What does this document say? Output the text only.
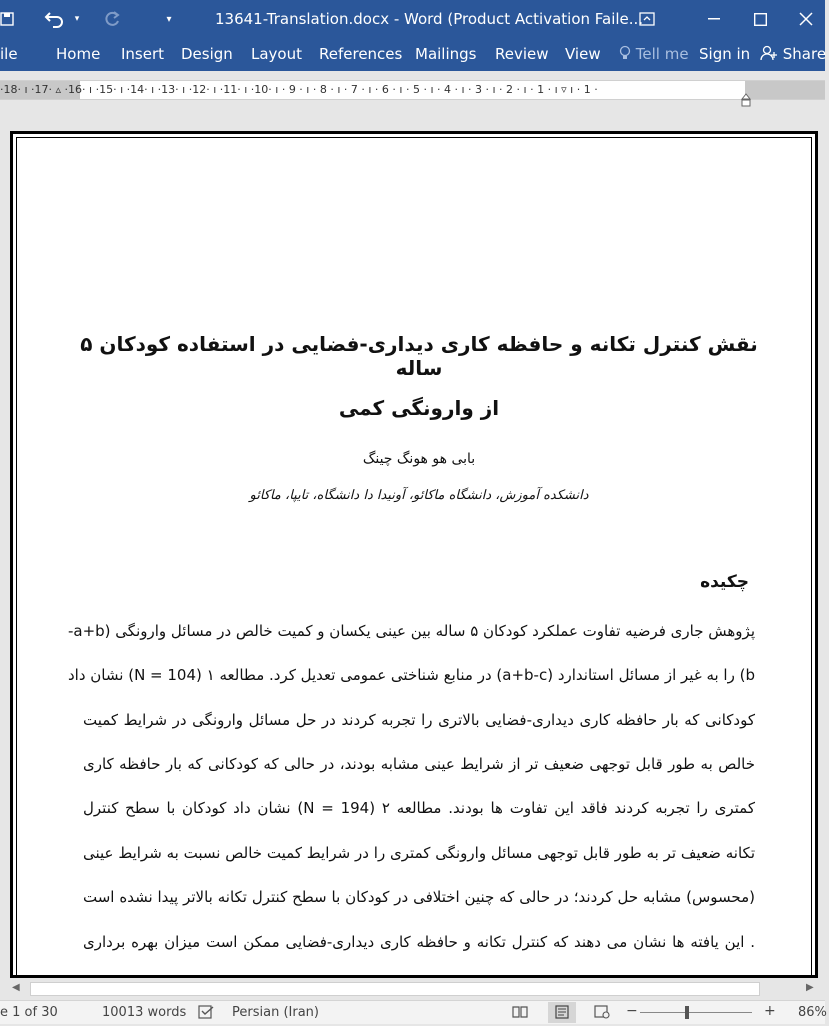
▾	▾	13641-Translation.docx - Word (Product Activation Faile...
ile	Home Insert Design Layout References Mailings Review View	Tell me Sign in	Share
·18· ı ·17· ▵ ·16· ı ·15· ı ·14· ı ·13· ı ·12· ı ·11· ı ·10· ı · 9 · ı · 8 · ı · 7 · ı · 6 · ı · 5 · ı · 4 · ı · 3 · ı · 2 · ı · 1 · ı ▿ ı · 1 ·
نقش کنترل تکانه و حافظه کاری دیداری-فضایی در استفاده کودکان ۵ ساله
از وارونگی کمی
بابی هو هونگ چینگ
دانشکده آموزش، دانشگاه ماکائو، آونیدا دا دانشگاه، تایپا، ماکائو
چکیده
پژوهش جاری فرضیه تفاوت عملکرد کودکان ۵ ساله بین عینی یکسان و کمیت خالص در مسائل وارونگی (a+b-
b) را به غیر از مسائل استاندارد (a+b-c) در منابع شناختی عمومی تعدیل کرد. مطالعه ۱ (N = 104) نشان داد
کودکانی که بار حافظه کاری دیداری-فضایی بالاتری را تجربه کردند در حل مسائل وارونگی در شرایط کمیت
خالص به طور قابل توجهی ضعیف تر از شرایط عینی مشابه بودند، در حالی که کودکانی که بار حافظه کاری
کمتری را تجربه کردند فاقد این تفاوت ها بودند. مطالعه ۲ (N = 194) نشان داد کودکان با سطح کنترل
تکانه ضعیف تر به طور قابل توجهی مسائل وارونگی کمتری را در شرایط کمیت خالص نسبت به شرایط عینی
(محسوس) مشابه حل کردند؛ در حالی که چنین اختلافی در کودکان با سطح کنترل تکانه بالاتر پیدا نشده است
. این یافته ها نشان می دهند که کنترل تکانه و حافظه کاری دیداری-فضایی ممکن است میزان بهره برداری
◀	▶
e 1 of 30	10013 words	Persian (Iran)	−	+ 86%
